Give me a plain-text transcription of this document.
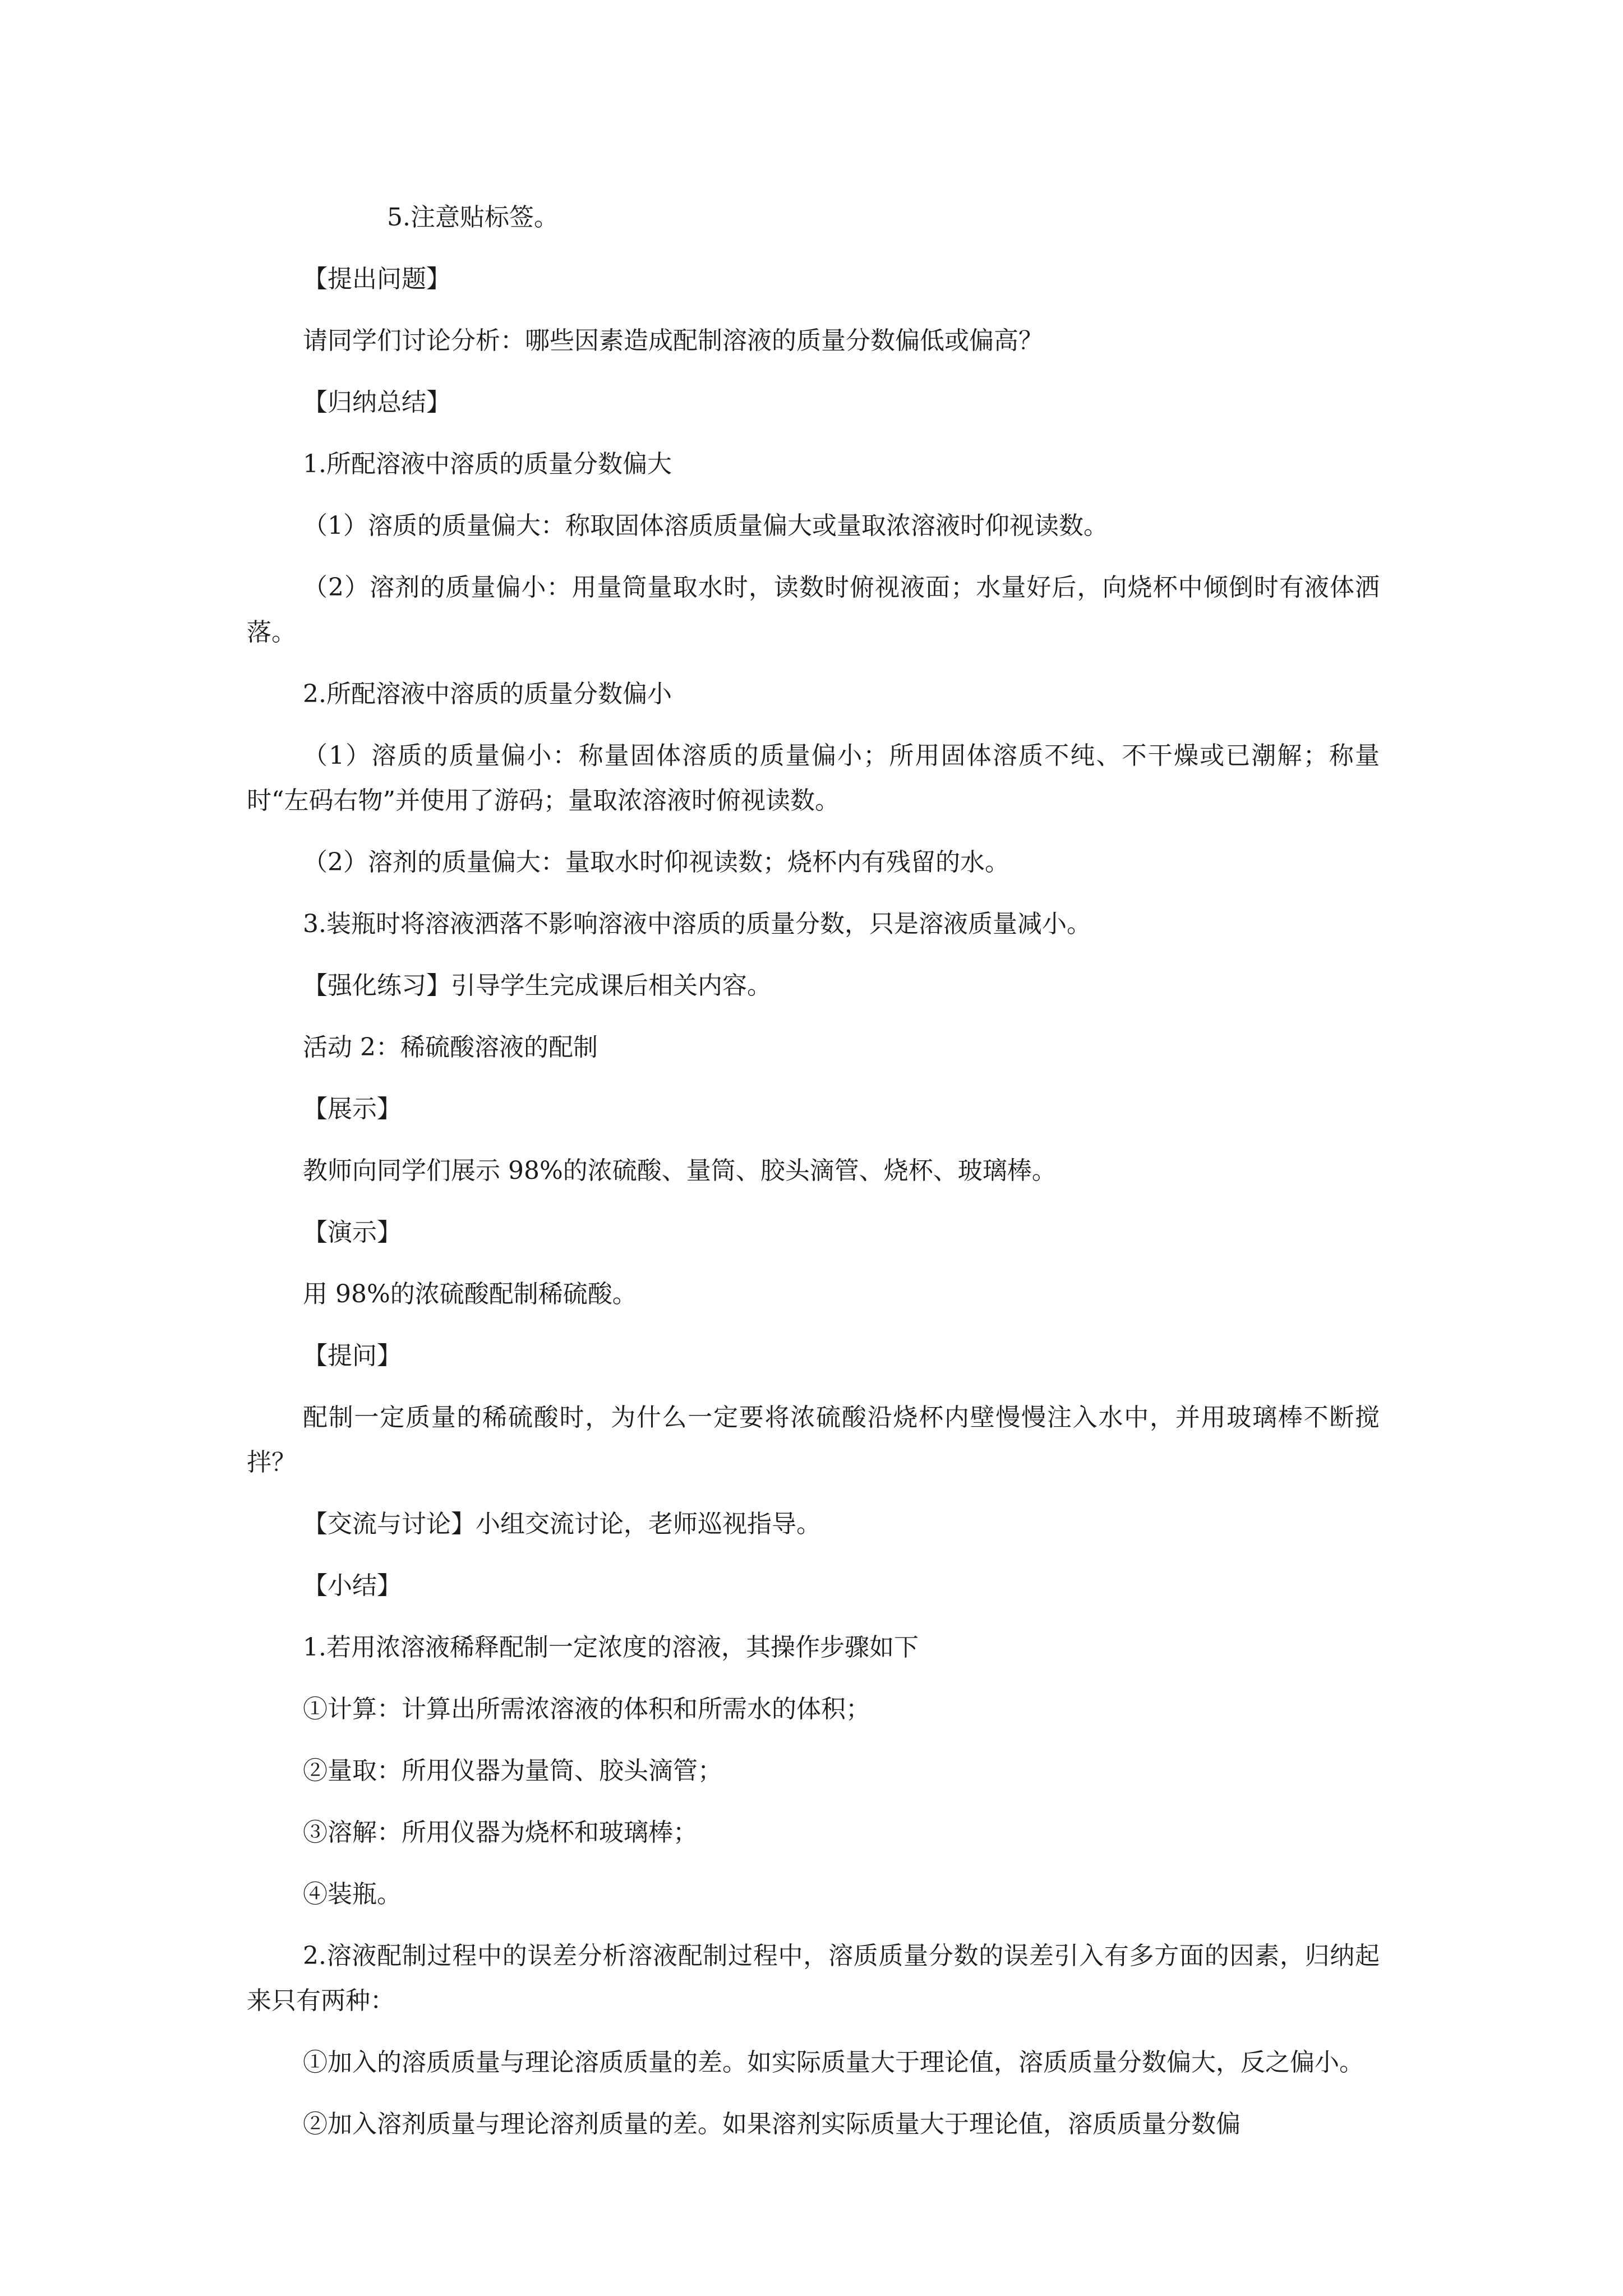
5.注意贴标签。

【提出问题】

请同学们讨论分析：哪些因素造成配制溶液的质量分数偏低或偏高？

【归纳总结】

1.所配溶液中溶质的质量分数偏大

（1）溶质的质量偏大：称取固体溶质质量偏大或量取浓溶液时仰视读数。

（2）溶剂的质量偏小：用量筒量取水时，读数时俯视液面；水量好后，向烧杯中倾倒时有液体洒落。

2.所配溶液中溶质的质量分数偏小

（1）溶质的质量偏小：称量固体溶质的质量偏小；所用固体溶质不纯、不干燥或已潮解；称量时“左码右物”并使用了游码；量取浓溶液时俯视读数。

（2）溶剂的质量偏大：量取水时仰视读数；烧杯内有残留的水。

3.装瓶时将溶液洒落不影响溶液中溶质的质量分数，只是溶液质量减小。

【强化练习】引导学生完成课后相关内容。

活动 2：稀硫酸溶液的配制

【展示】

教师向同学们展示 98%的浓硫酸、量筒、胶头滴管、烧杯、玻璃棒。

【演示】

用 98%的浓硫酸配制稀硫酸。

【提问】

配制一定质量的稀硫酸时，为什么一定要将浓硫酸沿烧杯内壁慢慢注入水中，并用玻璃棒不断搅拌？

【交流与讨论】小组交流讨论，老师巡视指导。

【小结】

1.若用浓溶液稀释配制一定浓度的溶液，其操作步骤如下

①计算：计算出所需浓溶液的体积和所需水的体积；

②量取：所用仪器为量筒、胶头滴管；

③溶解：所用仪器为烧杯和玻璃棒；

④装瓶。

2.溶液配制过程中的误差分析溶液配制过程中，溶质质量分数的误差引入有多方面的因素，归纳起来只有两种：

①加入的溶质质量与理论溶质质量的差。如实际质量大于理论值，溶质质量分数偏大，反之偏小。

②加入溶剂质量与理论溶剂质量的差。如果溶剂实际质量大于理论值，溶质质量分数偏
